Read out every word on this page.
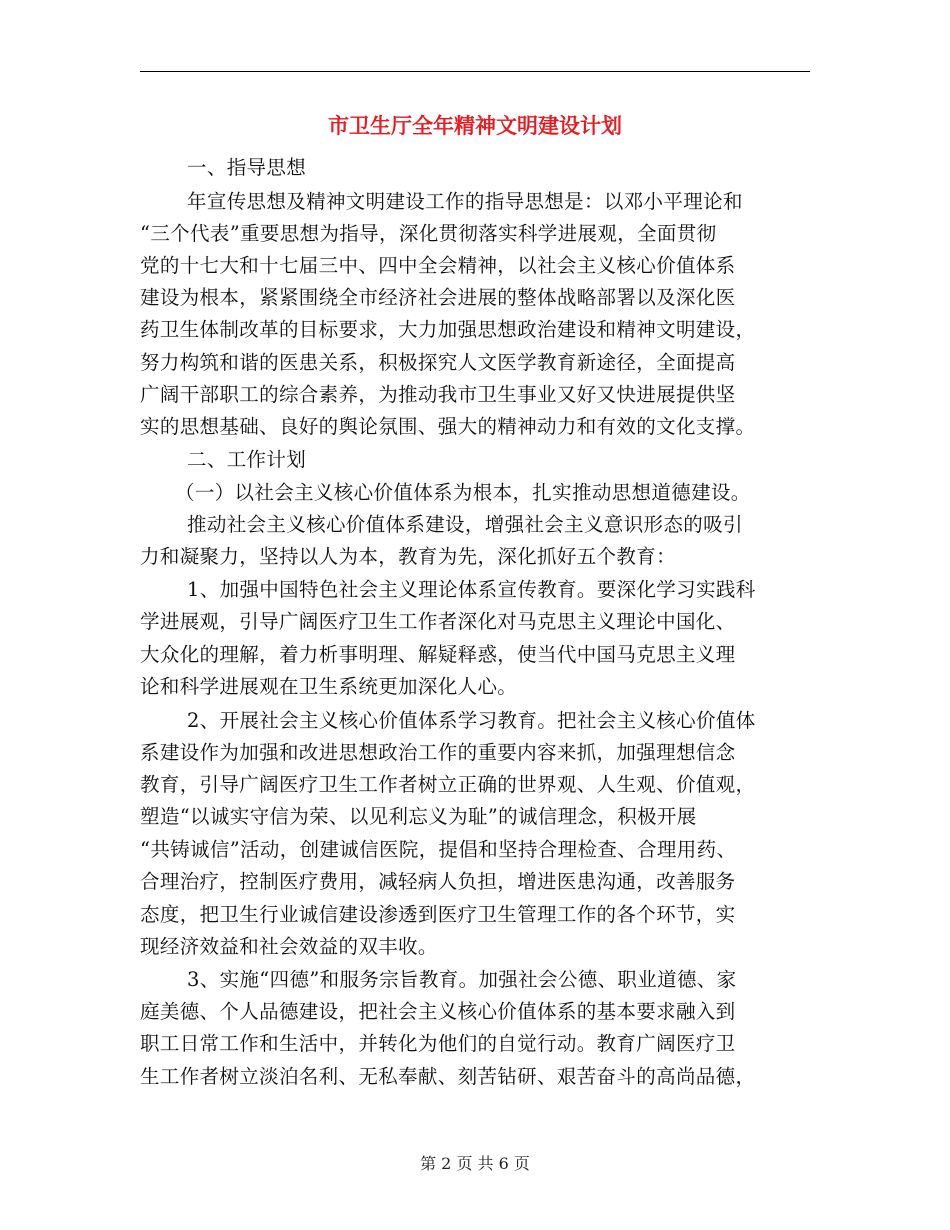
市卫生厅全年精神文明建设计划
一、指导思想
年宣传思想及精神文明建设工作的指导思想是：以邓小平理论和
“三个代表”重要思想为指导，深化贯彻落实科学进展观，全面贯彻
党的十七大和十七届三中、四中全会精神，以社会主义核心价值体系
建设为根本，紧紧围绕全市经济社会进展的整体战略部署以及深化医
药卫生体制改革的目标要求，大力加强思想政治建设和精神文明建设，
努力构筑和谐的医患关系，积极探究人文医学教育新途径，全面提高
广阔干部职工的综合素养，为推动我市卫生事业又好又快进展提供坚
实的思想基础、良好的舆论氛围、强大的精神动力和有效的文化支撑。
二、工作计划
（一）以社会主义核心价值体系为根本，扎实推动思想道德建设。
推动社会主义核心价值体系建设，增强社会主义意识形态的吸引
力和凝聚力，坚持以人为本，教育为先，深化抓好五个教育：
1、加强中国特色社会主义理论体系宣传教育。要深化学习实践科
学进展观，引导广阔医疗卫生工作者深化对马克思主义理论中国化、
大众化的理解，着力析事明理、解疑释惑，使当代中国马克思主义理
论和科学进展观在卫生系统更加深化人心。
2、开展社会主义核心价值体系学习教育。把社会主义核心价值体
系建设作为加强和改进思想政治工作的重要内容来抓，加强理想信念
教育，引导广阔医疗卫生工作者树立正确的世界观、人生观、价值观，
塑造“以诚实守信为荣、以见利忘义为耻”的诚信理念，积极开展
“共铸诚信”活动，创建诚信医院，提倡和坚持合理检查、合理用药、
合理治疗，控制医疗费用，减轻病人负担，增进医患沟通，改善服务
态度，把卫生行业诚信建设渗透到医疗卫生管理工作的各个环节，实
现经济效益和社会效益的双丰收。
3、实施“四德”和服务宗旨教育。加强社会公德、职业道德、家
庭美德、个人品德建设，把社会主义核心价值体系的基本要求融入到
职工日常工作和生活中，并转化为他们的自觉行动。教育广阔医疗卫
生工作者树立淡泊名利、无私奉献、刻苦钻研、艰苦奋斗的高尚品德，
第 2 页 共 6 页
